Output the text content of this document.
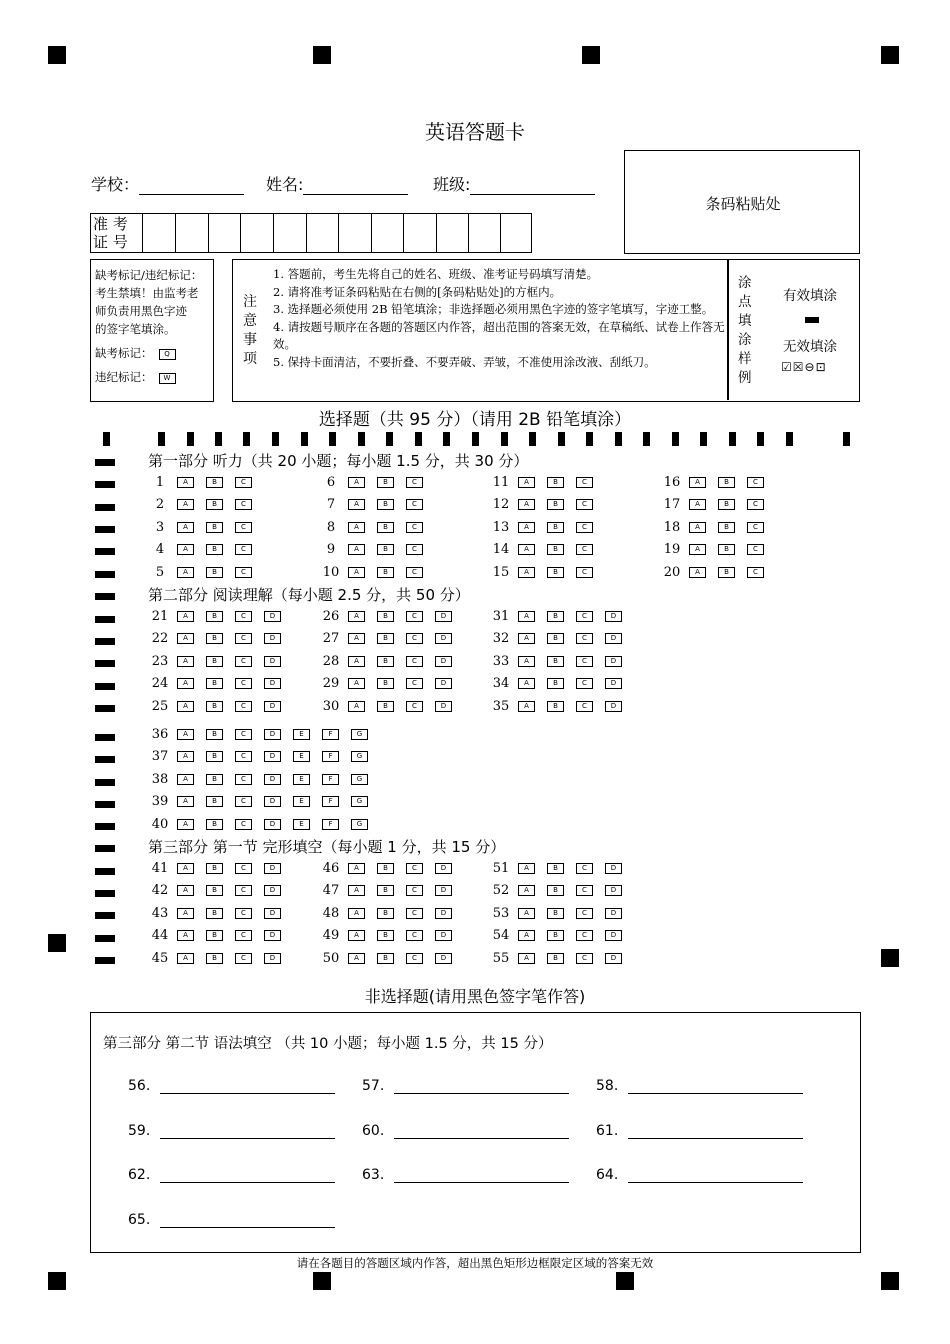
英语答题卡
学校：	姓名:	班级:
条码粘贴处
准 考
证 号
缺考标记/违纪标记：
考生禁填！由监考老
师负责用黑色字迹
的签字笔填涂。
缺考标记： Q
违纪标记： W
注
意
事
项
1. 答题前，考生先将自己的姓名、班级、准考证号码填写清楚。
2. 请将准考证条码粘贴在右侧的[条码粘贴处]的方框内。
3. 选择题必须使用 2B 铅笔填涂；非选择题必须用黑色字迹的签字笔填写，字迹工整。
4. 请按题号顺序在各题的答题区内作答，超出范围的答案无效，在草稿纸、试卷上作答无效。
5. 保持卡面清洁，不要折叠、不要弄破、弄皱，不准使用涂改液、刮纸刀。
涂
点
填
涂
样
例
有效填涂
无效填涂
☑☒⊖⊡
选择题（共 95 分）（请用 2B 铅笔填涂）
第一部分 听力（共 20 小题；每小题 1.5 分，共 30 分）
第二部分 阅读理解（每小题 2.5 分，共 50 分）
第三部分 第一节 完形填空（每小题 1 分，共 15 分）
1	A	B	C
2	A	B	C
3	A	B	C
4	A	B	C
5	A	B	C
6	A	B	C
7	A	B	C
8	A	B	C
9	A	B	C
10 A	B	C
11 A	B	C
12 A	B	C
13 A	B	C
14 A	B	C
15 A	B	C
16 A	B	C
17 A	B	C
18 A	B	C
19 A	B	C
20 A	B	C
21 A	B	C	D
22 A	B	C	D
23 A	B	C	D
24 A	B	C	D
25 A	B	C	D
26 A	B	C	D
27 A	B	C	D
28 A	B	C	D
29 A	B	C	D
30 A	B	C	D
31 A	B	C	D
32 A	B	C	D
33 A	B	C	D
34 A	B	C	D
35 A	B	C	D
36 A	B	C	D	E	F	G
37 A	B	C	D	E	F	G
38 A	B	C	D	E	F	G
39 A	B	C	D	E	F	G
40 A	B	C	D	E	F	G
41 A	B	C	D
42 A	B	C	D
43 A	B	C	D
44 A	B	C	D
45 A	B	C	D
46 A	B	C	D
47 A	B	C	D
48 A	B	C	D
49 A	B	C	D
50 A	B	C	D
51 A	B	C	D
52 A	B	C	D
53 A	B	C	D
54 A	B	C	D
55 A	B	C	D
非选择题(请用黑色签字笔作答)
第三部分 第二节 语法填空 （共 10 小题；每小题 1.5 分，共 15 分）
56.	57.	58.
59.	60.	61.
62.	63.	64.
65.
请在各题目的答题区域内作答，超出黑色矩形边框限定区域的答案无效
